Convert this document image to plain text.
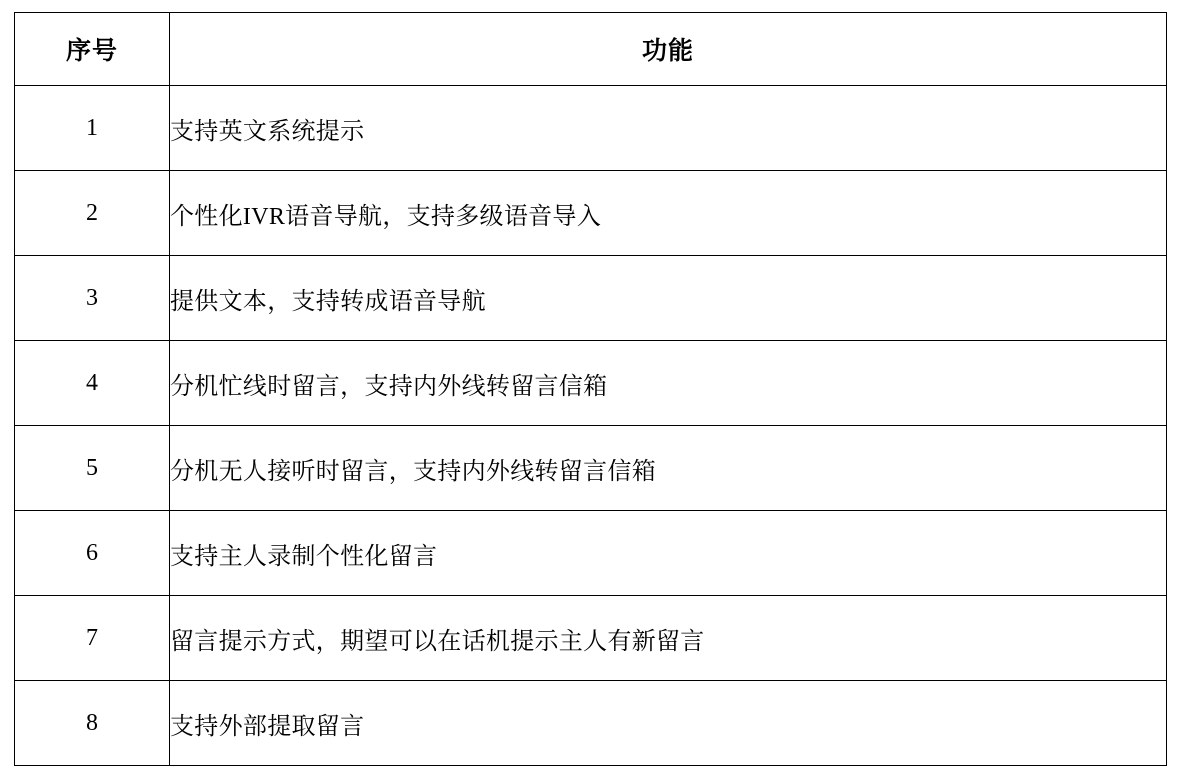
序号	功能
1	支持英文系统提示
2	个性化IVR语音导航，支持多级语音导入
3	提供文本，支持转成语音导航
4	分机忙线时留言，支持内外线转留言信箱
5	分机无人接听时留言，支持内外线转留言信箱
6	支持主人录制个性化留言
7	留言提示方式，期望可以在话机提示主人有新留言
8	支持外部提取留言
